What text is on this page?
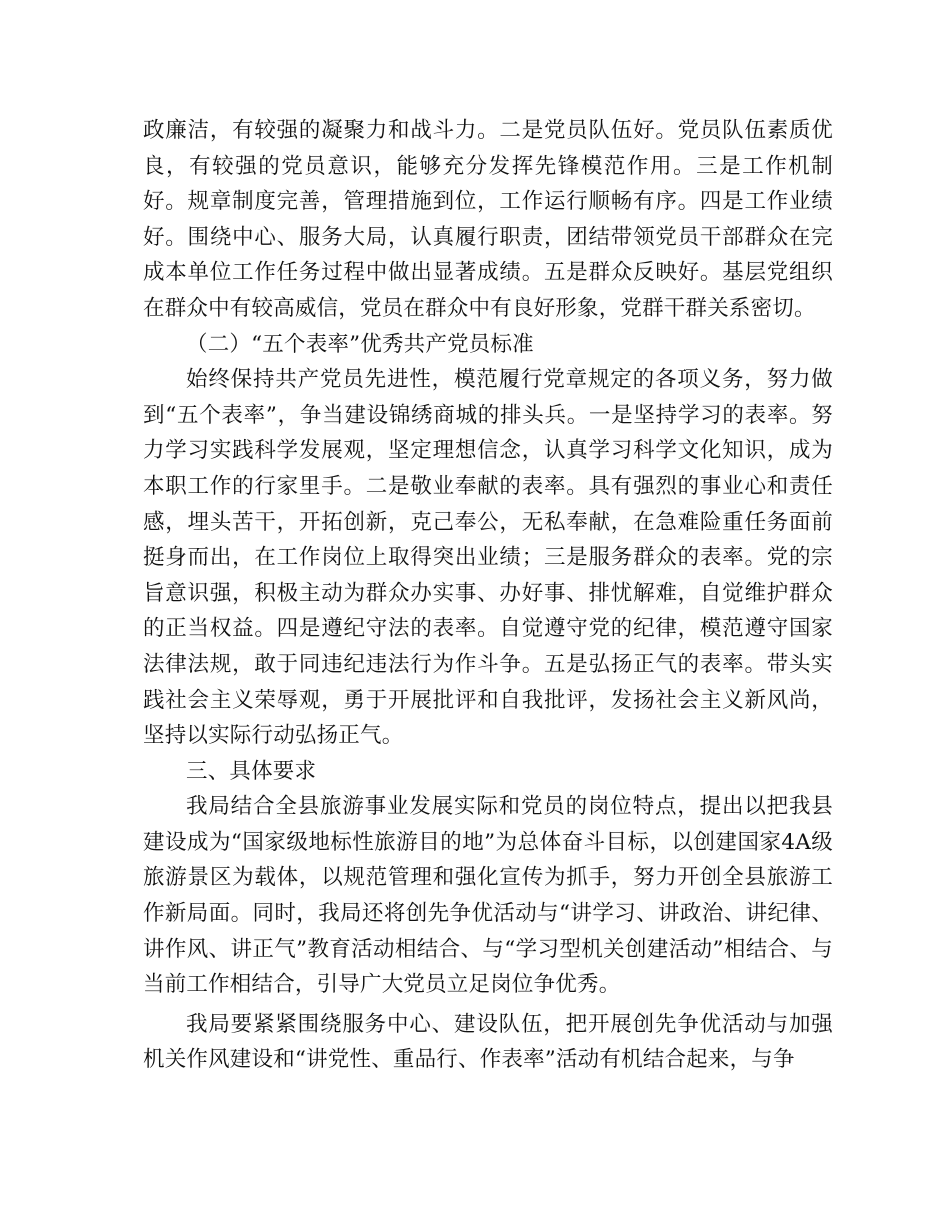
政廉洁，有较强的凝聚力和战斗力。二是党员队伍好。党员队伍素质优良，有较强的党员意识，能够充分发挥先锋模范作用。三是工作机制好。规章制度完善，管理措施到位，工作运行顺畅有序。四是工作业绩好。围绕中心、服务大局，认真履行职责，团结带领党员干部群众在完成本单位工作任务过程中做出显著成绩。五是群众反映好。基层党组织在群众中有较高威信，党员在群众中有良好形象，党群干群关系密切。

（二）“五个表率”优秀共产党员标准

始终保持共产党员先进性，模范履行党章规定的各项义务，努力做到“五个表率”，争当建设锦绣商城的排头兵。一是坚持学习的表率。努力学习实践科学发展观，坚定理想信念，认真学习科学文化知识，成为本职工作的行家里手。二是敬业奉献的表率。具有强烈的事业心和责任感，埋头苦干，开拓创新，克己奉公，无私奉献，在急难险重任务面前挺身而出，在工作岗位上取得突出业绩；三是服务群众的表率。党的宗旨意识强，积极主动为群众办实事、办好事、排忧解难，自觉维护群众的正当权益。四是遵纪守法的表率。自觉遵守党的纪律，模范遵守国家法律法规，敢于同违纪违法行为作斗争。五是弘扬正气的表率。带头实践社会主义荣辱观，勇于开展批评和自我批评，发扬社会主义新风尚，坚持以实际行动弘扬正气。

三、具体要求

我局结合全县旅游事业发展实际和党员的岗位特点，提出以把我县建设成为“国家级地标性旅游目的地”为总体奋斗目标，以创建国家4A级旅游景区为载体，以规范管理和强化宣传为抓手，努力开创全县旅游工作新局面。同时，我局还将创先争优活动与“讲学习、讲政治、讲纪律、讲作风、讲正气”教育活动相结合、与“学习型机关创建活动”相结合、与当前工作相结合，引导广大党员立足岗位争优秀。

我局要紧紧围绕服务中心、建设队伍，把开展创先争优活动与加强机关作风建设和“讲党性、重品行、作表率”活动有机结合起来，与争
